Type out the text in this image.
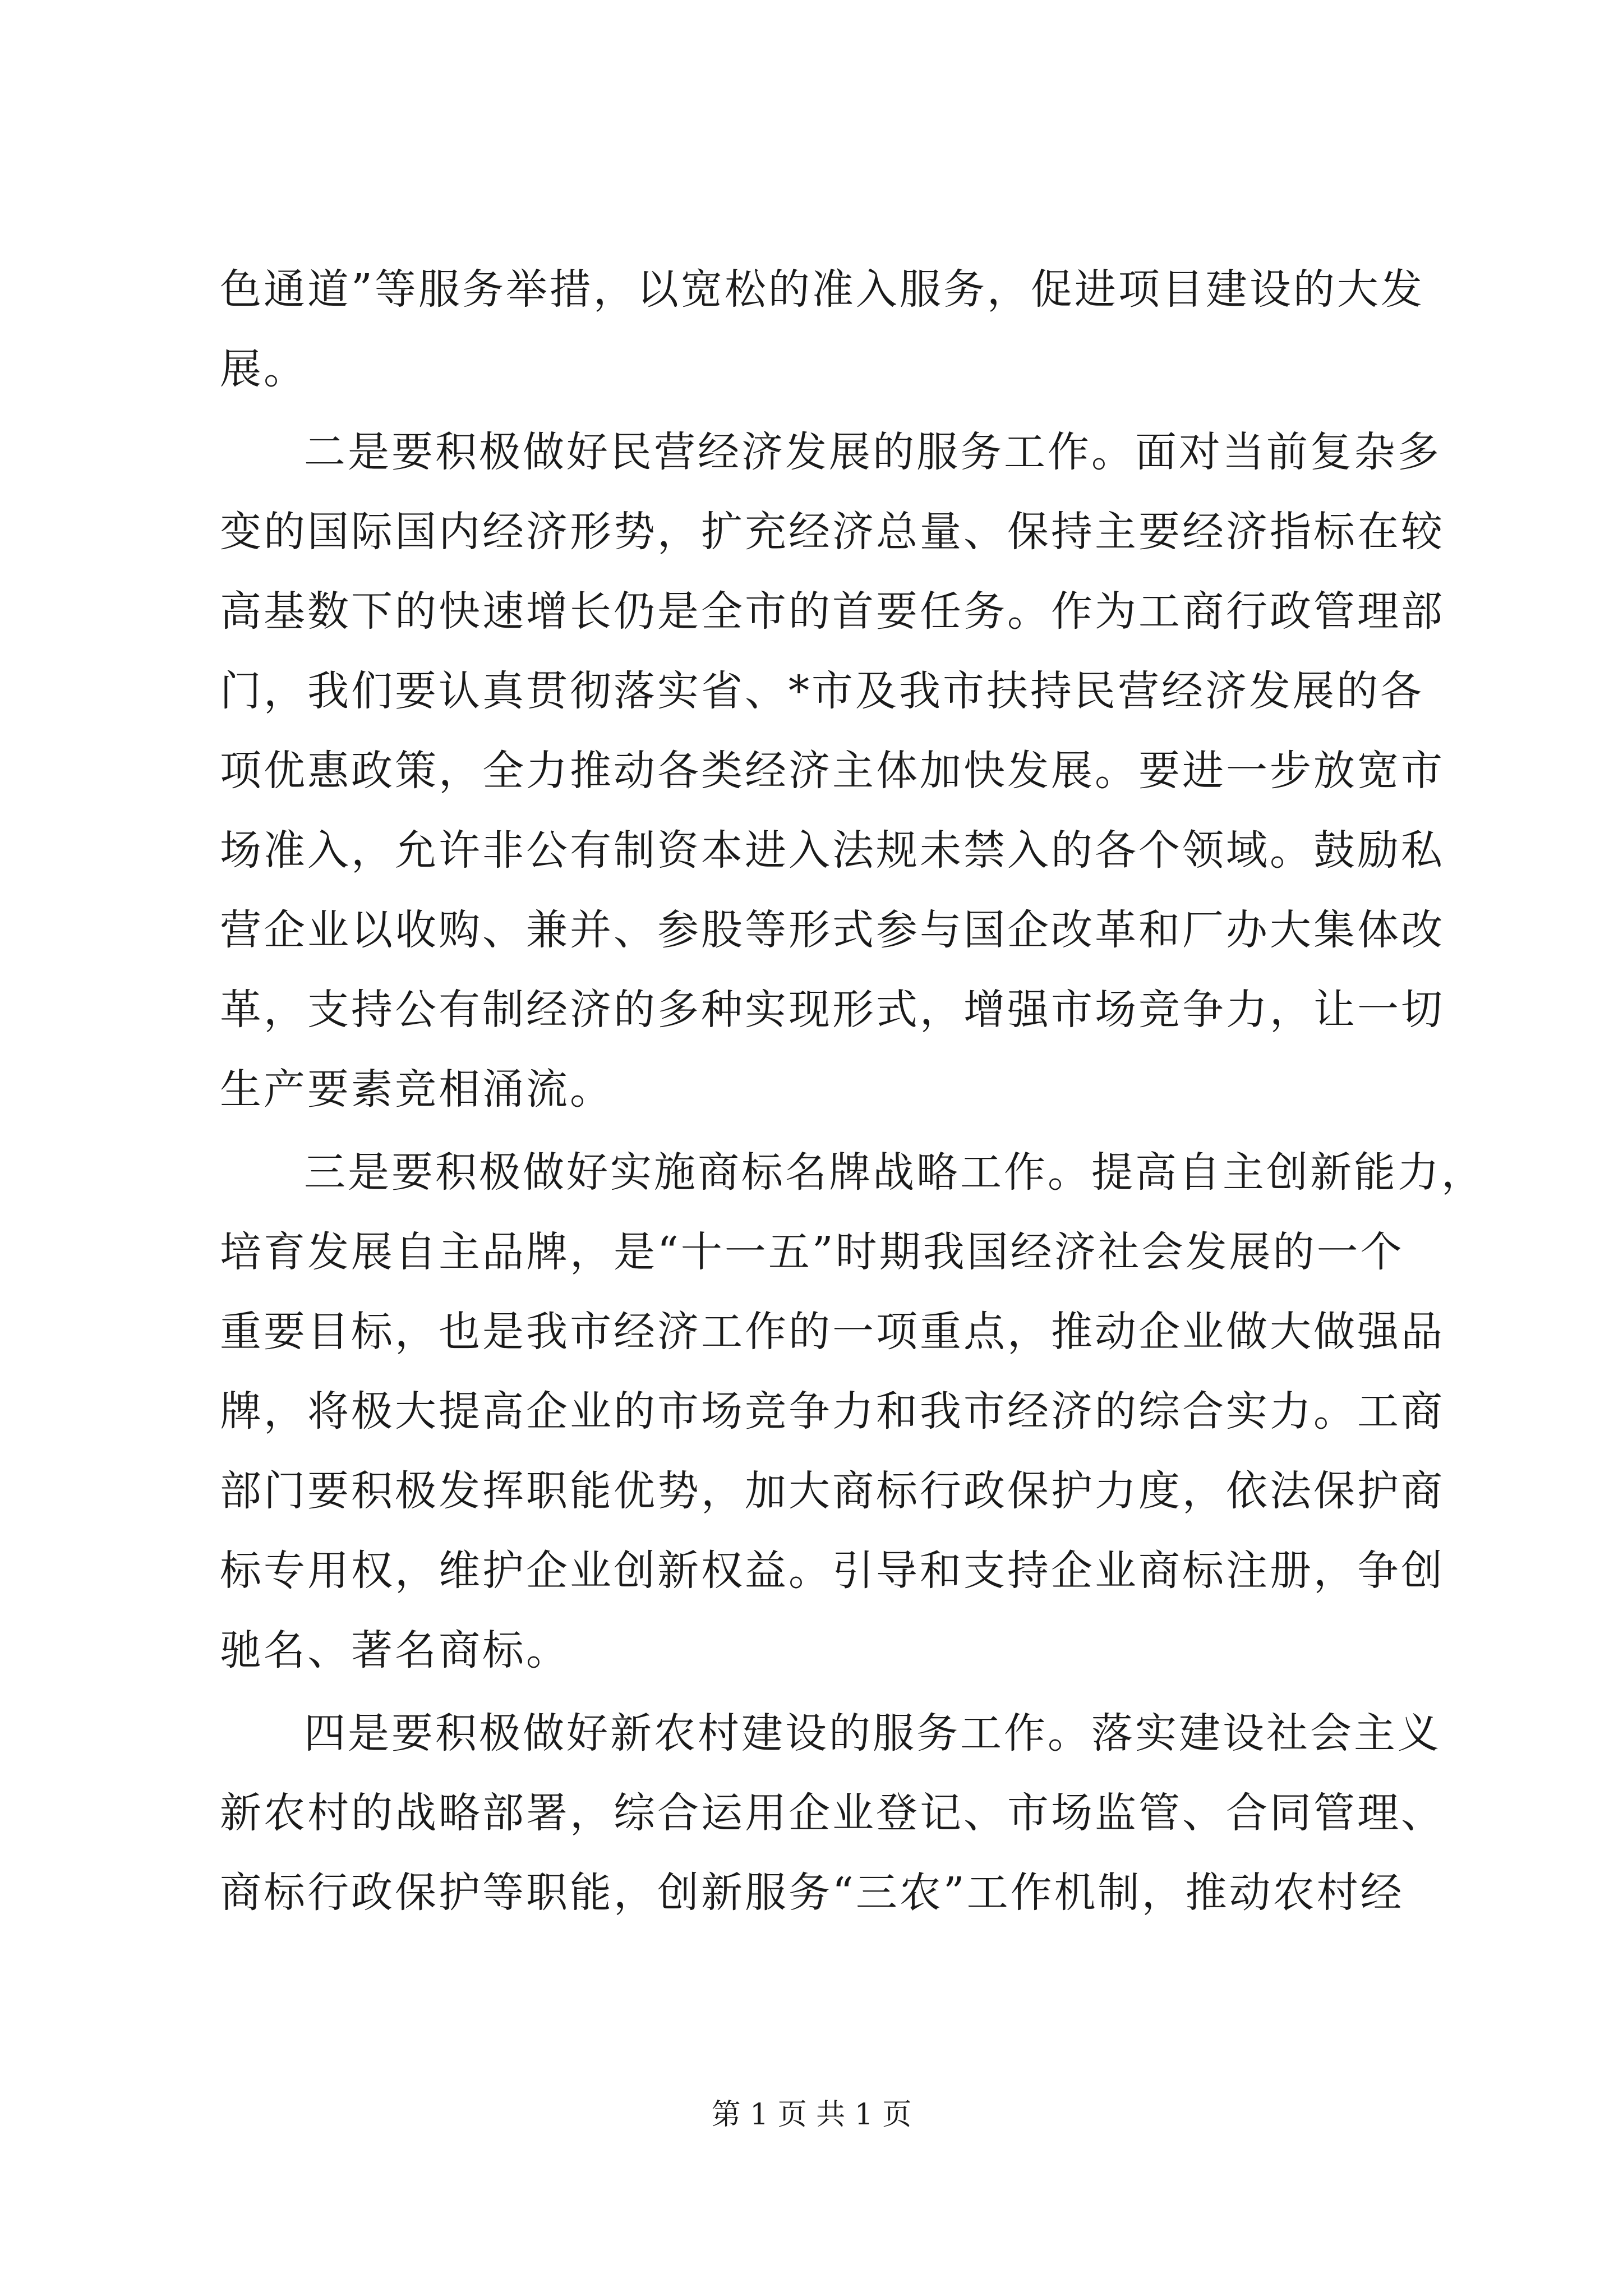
色通道”等服务举措，以宽松的准入服务，促进项目建设的大发
展。
二是要积极做好民营经济发展的服务工作。面对当前复杂多
变的国际国内经济形势，扩充经济总量、保持主要经济指标在较
高基数下的快速增长仍是全市的首要任务。作为工商行政管理部
门，我们要认真贯彻落实省、*市及我市扶持民营经济发展的各
项优惠政策，全力推动各类经济主体加快发展。要进一步放宽市
场准入，允许非公有制资本进入法规未禁入的各个领域。鼓励私
营企业以收购、兼并、参股等形式参与国企改革和厂办大集体改
革，支持公有制经济的多种实现形式，增强市场竞争力，让一切
生产要素竞相涌流。
三是要积极做好实施商标名牌战略工作。提高自主创新能力，
培育发展自主品牌，是“十一五”时期我国经济社会发展的一个
重要目标，也是我市经济工作的一项重点，推动企业做大做强品
牌，将极大提高企业的市场竞争力和我市经济的综合实力。工商
部门要积极发挥职能优势，加大商标行政保护力度，依法保护商
标专用权，维护企业创新权益。引导和支持企业商标注册，争创
驰名、著名商标。
四是要积极做好新农村建设的服务工作。落实建设社会主义
新农村的战略部署，综合运用企业登记、市场监管、合同管理、
商标行政保护等职能，创新服务“三农”工作机制，推动农村经
第 1 页 共 1 页
